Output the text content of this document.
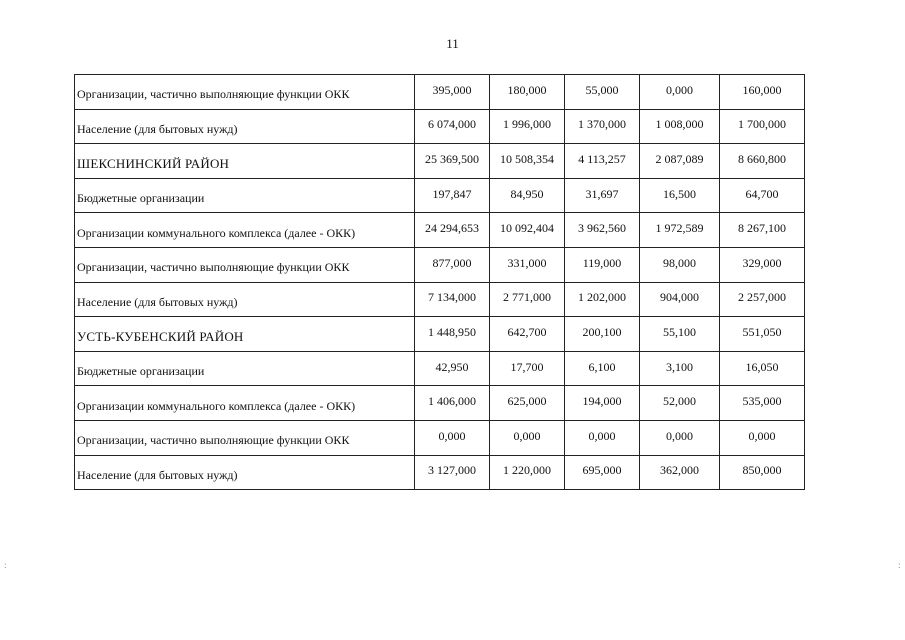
11
Организации, частично выполняющие функции ОКК	395,000	180,000	55,000	0,000	160,000
Население (для бытовых нужд)	6 074,000	1 996,000	1 370,000	1 008,000	1 700,000
ШЕКСНИНСКИЙ РАЙОН	25 369,500	10 508,354	4 113,257	2 087,089	8 660,800
Бюджетные организации	197,847	84,950	31,697	16,500	64,700
Организации коммунального комплекса (далее - ОКК)	24 294,653	10 092,404	3 962,560	1 972,589	8 267,100
Организации, частично выполняющие функции ОКК	877,000	331,000	119,000	98,000	329,000
Население (для бытовых нужд)	7 134,000	2 771,000	1 202,000	904,000	2 257,000
УСТЬ-КУБЕНСКИЙ РАЙОН	1 448,950	642,700	200,100	55,100	551,050
Бюджетные организации	42,950	17,700	6,100	3,100	16,050
Организации коммунального комплекса (далее - ОКК)	1 406,000	625,000	194,000	52,000	535,000
Организации, частично выполняющие функции ОКК	0,000	0,000	0,000	0,000	0,000
Население (для бытовых нужд)	3 127,000	1 220,000	695,000	362,000	850,000
:	:
